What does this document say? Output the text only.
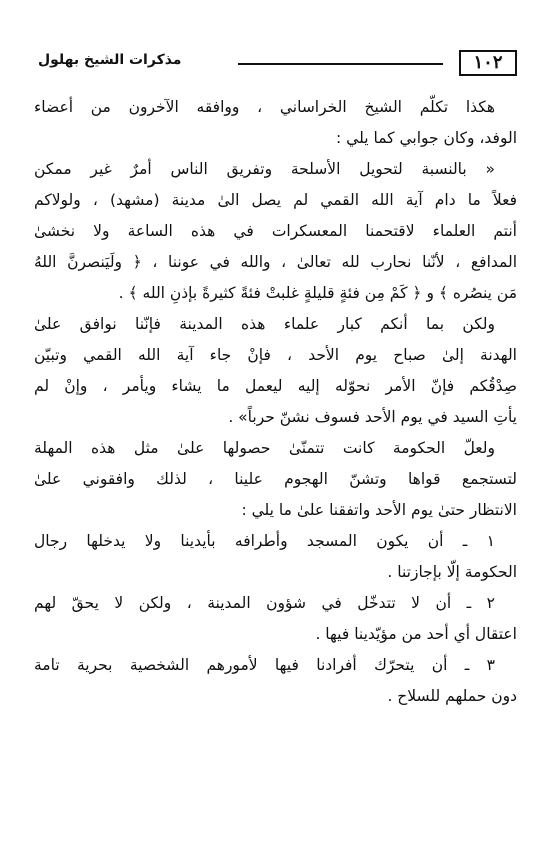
١٠٢
مذكرات الشيخ بهلول
هكذا تكلّم الشيخ الخراساني ، ووافقه الآخرون من أعضاء
الوفد، وكان جوابي كما يلي :
« بالنسبة لتحويل الأسلحة وتفريق الناس أمرٌ غير ممكن
فعلاً ما دام آية الله القمي لم يصل الىٰ مدينة (مشهد) ، ولولاكم
أنتم العلماء لاقتحمنا المعسكرات في هذه الساعة ولا نخشىٰ
المدافع ، لأنّنا نحارب لله تعالىٰ ، والله في عوننا ، ﴿ ولَيَنصرنَّ اللهُ
مَن ينصُره ﴾ و ﴿ كَمْ مِن فئةٍ قليلةٍ غلبتْ فئةً كثيرةً بإذنِ الله ﴾ .
ولكن بما أنكم كبار علماء هذه المدينة فإنّنا نوافق علىٰ
الهدنة إلىٰ صباح يوم الأحد ، فإنْ جاء آية الله القمي وتبيّن
صِدْقُكم فإنّ الأمر نحوّله إليه ليعمل ما يشاء ويأمر ، وإنْ لم
يأتِ السيد في يوم الأحد فسوف نشنّ حرباً» .
ولعلّ الحكومة كانت تتمنّىٰ حصولها علىٰ مثل هذه المهلة
لتستجمع قواها وتشنّ الهجوم علينا ، لذلك وافقوني علىٰ
الانتظار حتىٰ يوم الأحد واتفقنا علىٰ ما يلي :
١ ـ أن يكون المسجد وأطرافه بأيدينا ولا يدخلها رجال
الحكومة إلّا بإجازتنا .
٢ ـ أن لا تتدخّل في شؤون المدينة ، ولكن لا يحقّ لهم
اعتقال أي أحد من مؤيّدينا فيها .
٣ ـ أن يتحرّك أفرادنا فيها لأمورهم الشخصية بحرية تامة
دون حملهم للسلاح .
